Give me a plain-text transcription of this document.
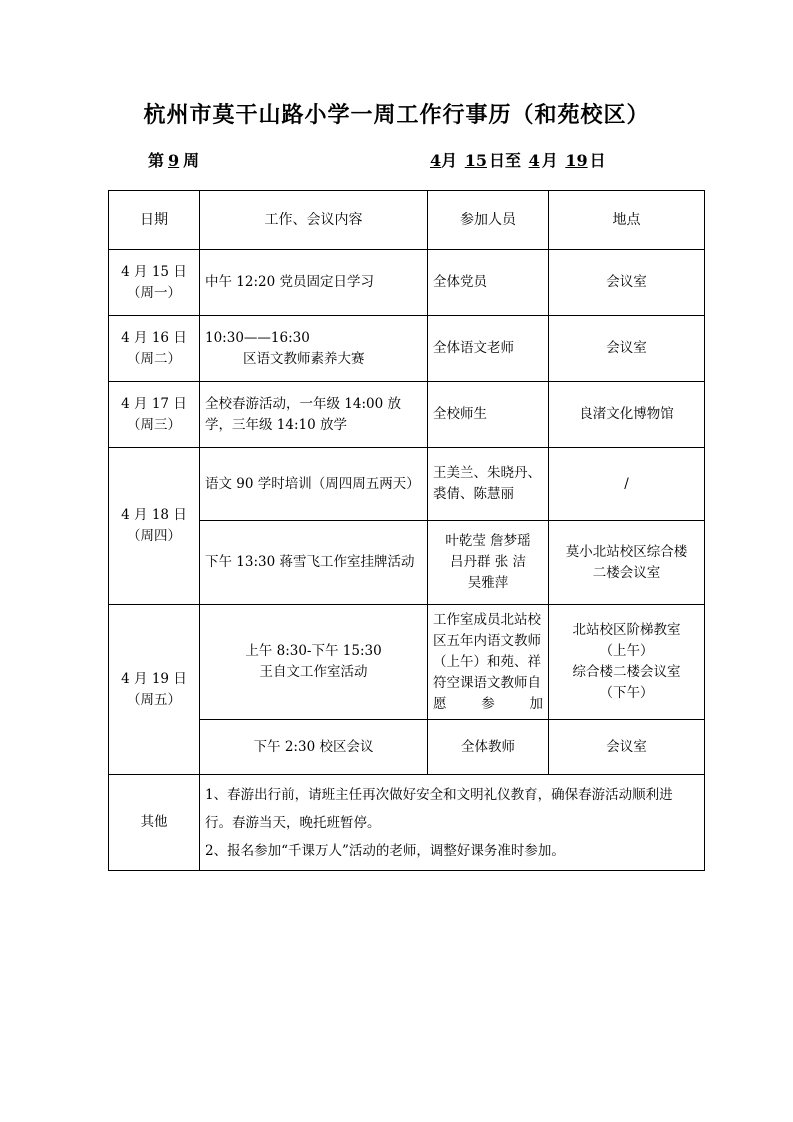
杭州市莫干山路小学一周工作行事历（和苑校区）
第 9 周	4月 15 日至 4 月 19 日
日期	工作、会议内容	参加人员	地点

4 月 15 日
（周一）	中午 12:20 党员固定日学习	全体党员	会议室

4 月 16 日
（周二）	10:30——16:30
区语文教师素养大赛	全体语文老师	会议室

4 月 17 日
（周三）	全校春游活动，一年级 14:00 放学，三年级 14:10 放学	全校师生	良渚文化博物馆

4 月 18 日
（周四）	语文 90 学时培训（周四周五两天）	王美兰、朱晓丹、裘倩、陈慧丽	/
	下午 13:30 蒋雪飞工作室挂牌活动	叶乾莹 詹梦瑶
吕丹群 张 洁
吴雅萍	莫小北站校区综合楼
二楼会议室

4 月 19 日
（周五）	上午 8:30-下午 15:30
王自文工作室活动	工作室成员北站校区五年内语文教师（上午）和苑、祥符空课语文教师自愿参加	北站校区阶梯教室
（上午）
综合楼二楼会议室
（下午）

	下午 2:30 校区会议	全体教师	会议室
其他	1、春游出行前，请班主任再次做好安全和文明礼仪教育，确保春游活动顺利进行。春游当天，晚托班暂停。

2、报名参加“千课万人”活动的老师，调整好课务准时参加。		
